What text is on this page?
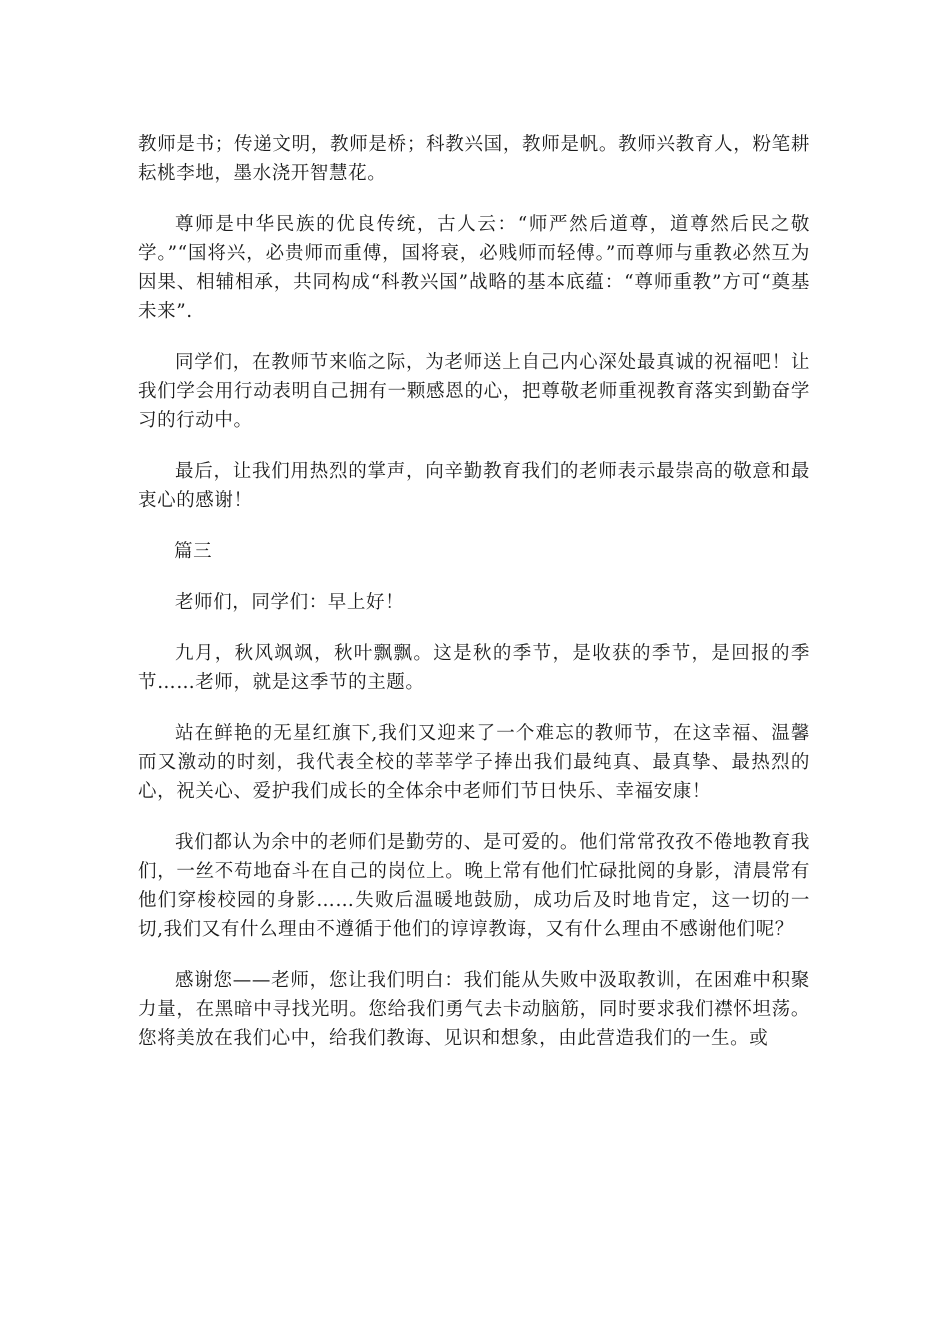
教师是书；传递文明，教师是桥；科教兴国，教师是帆。教师兴教育人，粉笔耕耘桃李地，墨水浇开智慧花。

尊师是中华民族的优良传统，古人云：“师严然后道尊，道尊然后民之敬学。”“国将兴，必贵师而重傅，国将衰，必贱师而轻傅。”而尊师与重教必然互为因果、相辅相承，共同构成“科教兴国”战略的基本底蕴：“尊师重教”方可“奠基未来”.

同学们，在教师节来临之际，为老师送上自己内心深处最真诚的祝福吧！让我们学会用行动表明自己拥有一颗感恩的心，把尊敬老师重视教育落实到勤奋学习的行动中。

最后，让我们用热烈的掌声，向辛勤教育我们的老师表示最崇高的敬意和最衷心的感谢！

篇三

老师们，同学们：早上好！

九月，秋风飒飒，秋叶飘飘。这是秋的季节，是收获的季节，是回报的季节……老师，就是这季节的主题。

站在鲜艳的无星红旗下,我们又迎来了一个难忘的教师节，在这幸福、温馨而又激动的时刻，我代表全校的莘莘学子捧出我们最纯真、最真挚、最热烈的心，祝关心、爱护我们成长的全体余中老师们节日快乐、幸福安康！

我们都认为余中的老师们是勤劳的、是可爱的。他们常常孜孜不倦地教育我们，一丝不苟地奋斗在自己的岗位上。晚上常有他们忙碌批阅的身影，清晨常有他们穿梭校园的身影……失败后温暖地鼓励，成功后及时地肯定，这一切的一切,我们又有什么理由不遵循于他们的谆谆教诲，又有什么理由不感谢他们呢？

感谢您——老师，您让我们明白：我们能从失败中汲取教训，在困难中积聚力量，在黑暗中寻找光明。您给我们勇气去卡动脑筋，同时要求我们襟怀坦荡。您将美放在我们心中，给我们教诲、见识和想象，由此营造我们的一生。或
